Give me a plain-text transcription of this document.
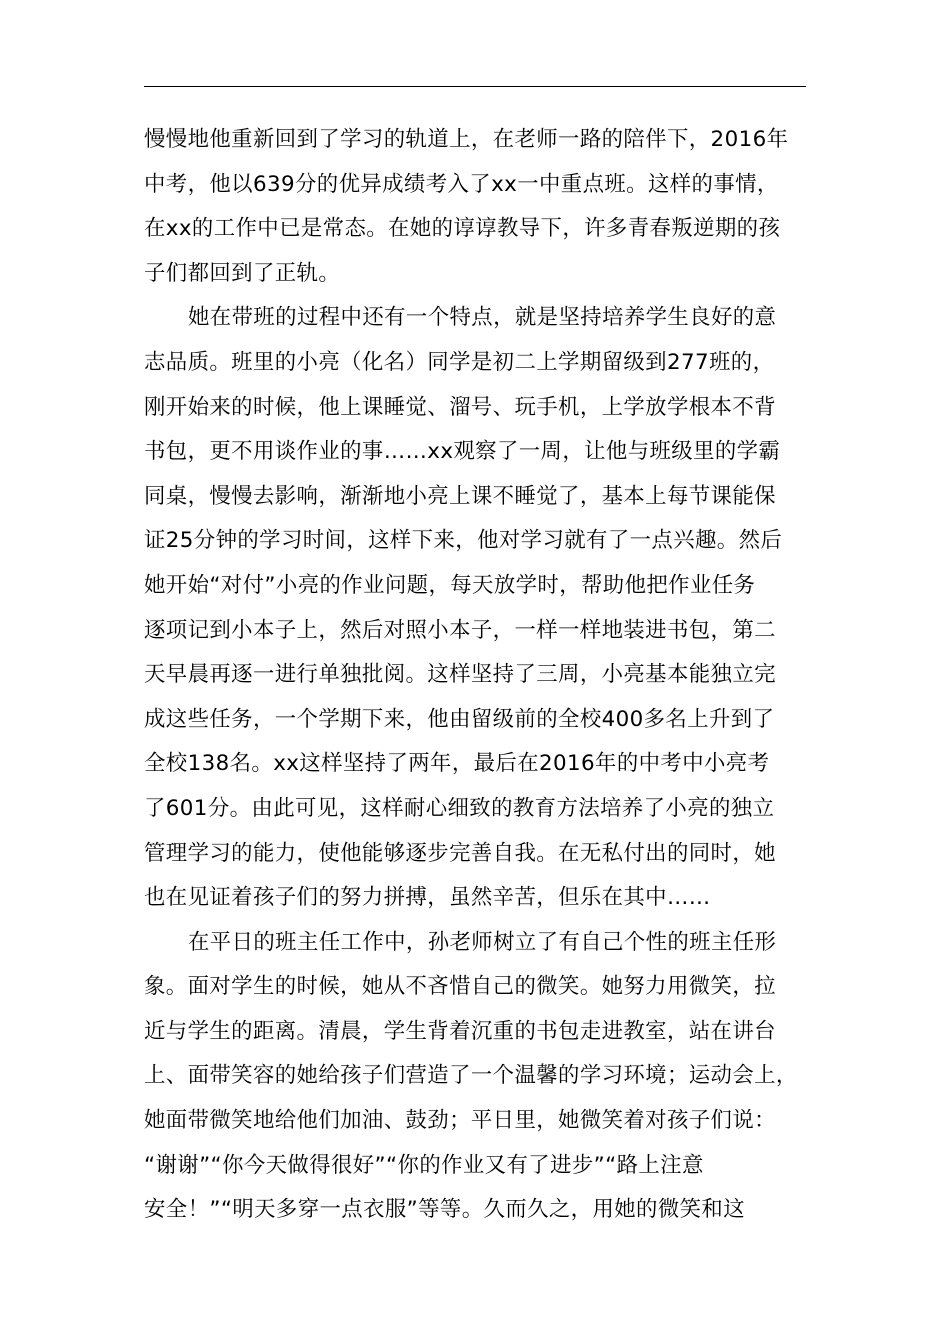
慢慢地他重新回到了学习的轨道上，在老师一路的陪伴下，2016年
中考，他以639分的优异成绩考入了xx一中重点班。这样的事情，
在xx的工作中已是常态。在她的谆谆教导下，许多青春叛逆期的孩
子们都回到了正轨。
她在带班的过程中还有一个特点，就是坚持培养学生良好的意
志品质。班里的小亮（化名）同学是初二上学期留级到277班的，
刚开始来的时候，他上课睡觉、溜号、玩手机，上学放学根本不背
书包，更不用谈作业的事……xx观察了一周，让他与班级里的学霸
同桌，慢慢去影响，渐渐地小亮上课不睡觉了，基本上每节课能保
证25分钟的学习时间，这样下来，他对学习就有了一点兴趣。然后
她开始“对付”小亮的作业问题，每天放学时，帮助他把作业任务
逐项记到小本子上，然后对照小本子，一样一样地装进书包，第二
天早晨再逐一进行单独批阅。这样坚持了三周，小亮基本能独立完
成这些任务，一个学期下来，他由留级前的全校400多名上升到了
全校138名。xx这样坚持了两年，最后在2016年的中考中小亮考
了601分。由此可见，这样耐心细致的教育方法培养了小亮的独立
管理学习的能力，使他能够逐步完善自我。在无私付出的同时，她
也在见证着孩子们的努力拼搏，虽然辛苦，但乐在其中……
在平日的班主任工作中，孙老师树立了有自己个性的班主任形
象。面对学生的时候，她从不吝惜自己的微笑。她努力用微笑，拉
近与学生的距离。清晨，学生背着沉重的书包走进教室，站在讲台
上、面带笑容的她给孩子们营造了一个温馨的学习环境；运动会上，
她面带微笑地给他们加油、鼓劲；平日里，她微笑着对孩子们说：
“谢谢”“你今天做得很好”“你的作业又有了进步”“路上注意
安全！”“明天多穿一点衣服”等等。久而久之，用她的微笑和这
